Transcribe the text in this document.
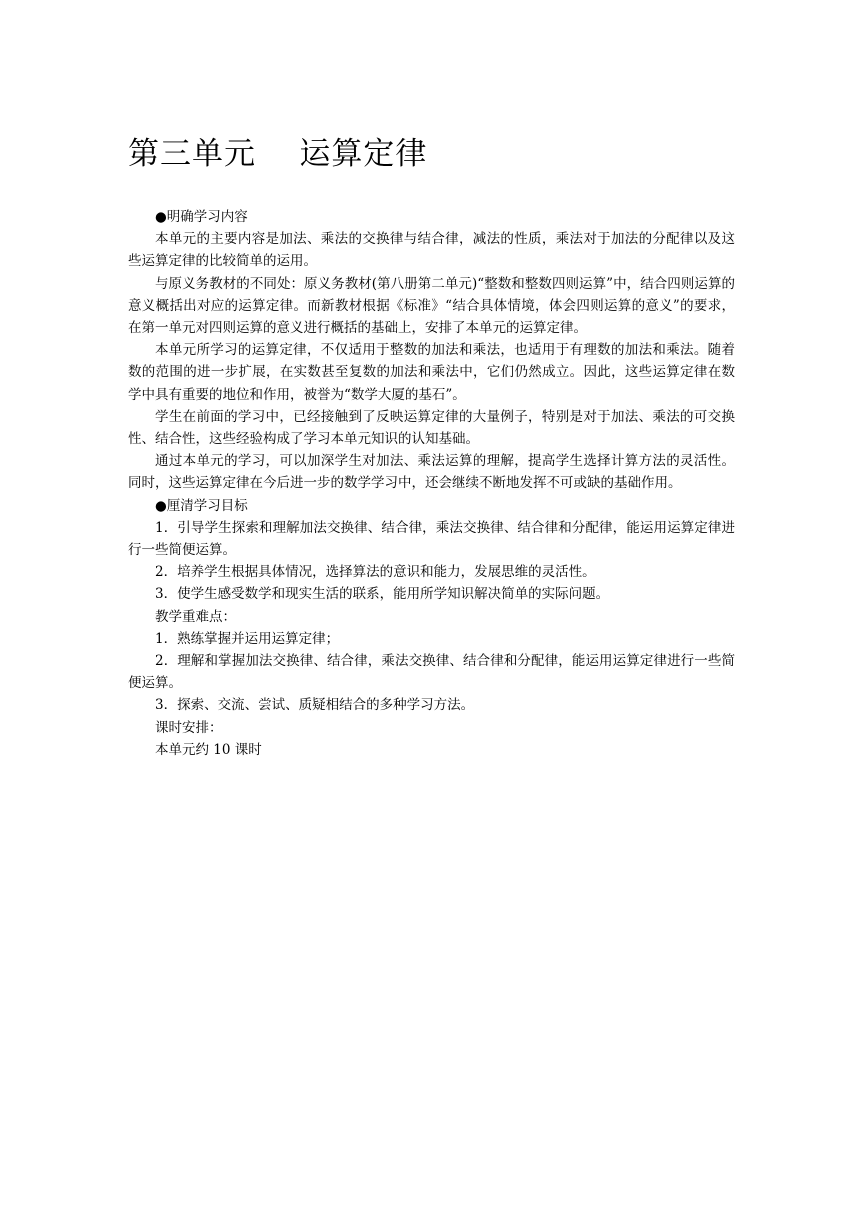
第三单元    运算定律

●明确学习内容

本单元的主要内容是加法、乘法的交换律与结合律，减法的性质，乘法对于加法的分配律以及这些运算定律的比较简单的运用。

与原义务教材的不同处：原义务教材(第八册第二单元)“整数和整数四则运算”中，结合四则运算的意义概括出对应的运算定律。而新教材根据《标准》“结合具体情境，体会四则运算的意义”的要求，在第一单元对四则运算的意义进行概括的基础上，安排了本单元的运算定律。

本单元所学习的运算定律，不仅适用于整数的加法和乘法，也适用于有理数的加法和乘法。随着数的范围的进一步扩展，在实数甚至复数的加法和乘法中，它们仍然成立。因此，这些运算定律在数学中具有重要的地位和作用，被誉为“数学大厦的基石”。

学生在前面的学习中，已经接触到了反映运算定律的大量例子，特别是对于加法、乘法的可交换性、结合性，这些经验构成了学习本单元知识的认知基础。

通过本单元的学习，可以加深学生对加法、乘法运算的理解，提高学生选择计算方法的灵活性。同时，这些运算定律在今后进一步的数学学习中，还会继续不断地发挥不可或缺的基础作用。

●厘清学习目标

1．引导学生探索和理解加法交换律、结合律，乘法交换律、结合律和分配律，能运用运算定律进行一些简便运算。

2．培养学生根据具体情况，选择算法的意识和能力，发展思维的灵活性。

3．使学生感受数学和现实生活的联系，能用所学知识解决简单的实际问题。

教学重难点：

1．熟练掌握并运用运算定律；

2．理解和掌握加法交换律、结合律，乘法交换律、结合律和分配律，能运用运算定律进行一些简便运算。

3．探索、交流、尝试、质疑相结合的多种学习方法。

课时安排：

本单元约 10 课时
